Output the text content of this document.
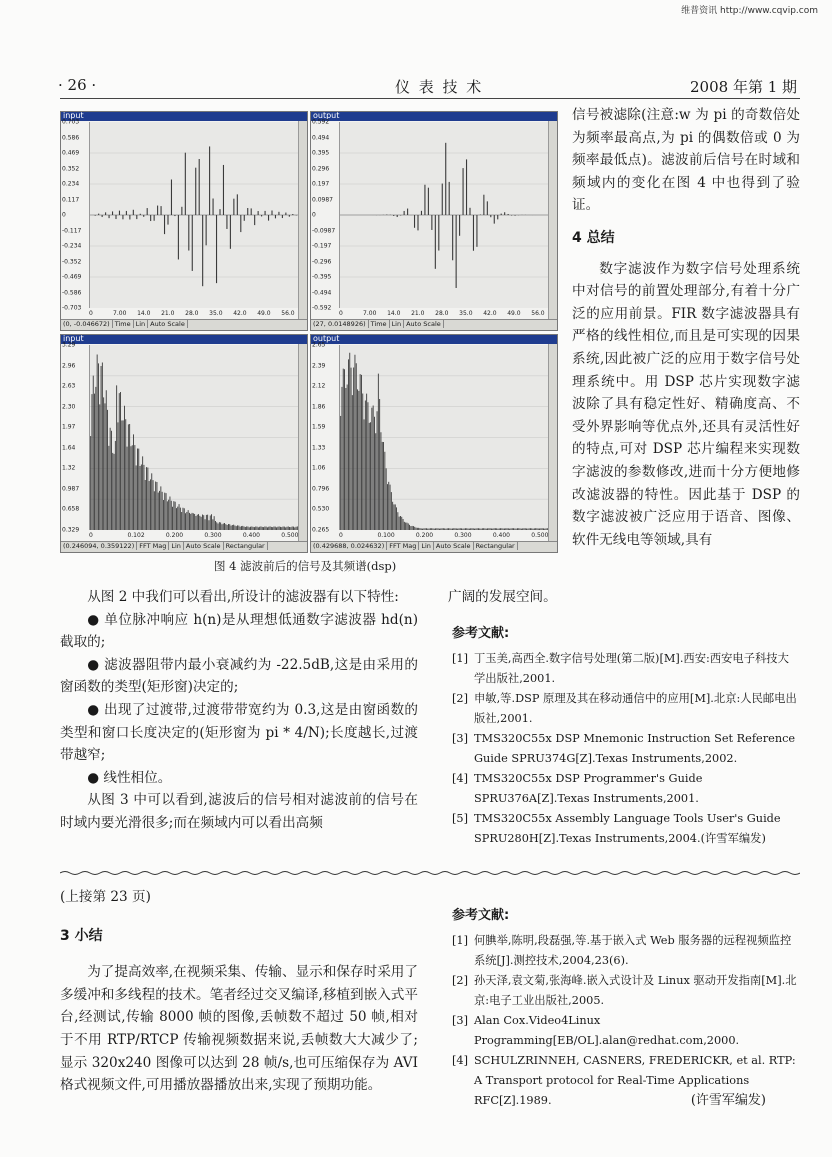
维普资讯 http://www.cqvip.com
· 26 ·	仪 表 技 术	2008 年第 1 期
input
0.703
0.586
0.469
0.352
0.234
0.117
0
-0.117
-0.234
-0.352
-0.469
-0.586
-0.703
0	7.00 14.0 21.0 28.0 35.0 42.0 49.0 56.0
(0, -0.046672) Time Lin Auto Scale
output
0.592
0.494
0.395
0.296
0.197
0.0987
0
-0.0987
-0.197
-0.296
-0.395
-0.494
-0.592
0	7.00 14.0 21.0 28.0 35.0 42.0 49.0 56.0
(27, 0.0148926) Time Lin Auto Scale
input
3.29
2.96
2.63
2.30
1.97
1.64
1.32
0.987
0.658
0.329
0	0.102	0.200	0.300	0.400	0.500
(0.246094, 0.359122) FFT Mag Lin Auto Scale Rectangular
output
2.65
2.39
2.12
1.86
1.59
1.33
1.06
0.796
0.530
0.265
0	0.100	0.200	0.300	0.400	0.500
(0.429688, 0.024632) FFT Mag Lin Auto Scale Rectangular
图 4 滤波前后的信号及其频谱(dsp)

信号被滤除(注意:w 为 pi 的奇数倍处为频率最高点,为 pi 的偶数倍或 0 为频率最低点)。滤波前后信号在时域和频域内的变化在图 4 中也得到了验证。

4 总结

数字滤波作为数字信号处理系统中对信号的前置处理部分,有着十分广泛的应用前景。FIR 数字滤波器具有严格的线性相位,而且是可实现的因果系统,因此被广泛的应用于数字信号处理系统中。用 DSP 芯片实现数字滤波除了具有稳定性好、精确度高、不受外界影响等优点外,还具有灵活性好的特点,可对 DSP 芯片编程来实现数字滤波的参数修改,进而十分方便地修改滤波器的特性。因此基于 DSP 的数字滤波被广泛应用于语音、图像、软件无线电等领域,具有

广阔的发展空间。

从图 2 中我们可以看出,所设计的滤波器有以下特性:

● 单位脉冲响应 h(n)是从理想低通数字滤波器 hd(n)截取的;

● 滤波器阻带内最小衰减约为 -22.5dB,这是由采用的窗函数的类型(矩形窗)决定的;

● 出现了过渡带,过渡带带宽约为 0.3,这是由窗函数的类型和窗口长度决定的(矩形窗为 pi * 4/N);长度越长,过渡带越窄;

● 线性相位。

从图 3 中可以看到,滤波后的信号相对滤波前的信号在时域内要光滑很多;而在频域内可以看出高频

参考文献:
[1] 丁玉美,高西全.数字信号处理(第二版)[M].西安:西安电子科技大学出版社,2001.
[2] 申敏,等.DSP 原理及其在移动通信中的应用[M].北京:人民邮电出版社,2001.
[3] TMS320C55x DSP Mnemonic Instruction Set Reference Guide SPRU374G[Z].Texas Instruments,2002.
[4] TMS320C55x DSP Programmer's Guide SPRU376A[Z].Texas Instruments,2001.
[5] TMS320C55x Assembly Language Tools User's Guide SPRU280H[Z].Texas Instruments,2004.(许雪军编发)

(上接第 23 页)

3 小结

为了提高效率,在视频采集、传输、显示和保存时采用了多缓冲和多线程的技术。笔者经过交叉编译,移植到嵌入式平台,经测试,传输 8000 帧的图像,丢帧数不超过 50 帧,相对于不用 RTP/RTCP 传输视频数据来说,丢帧数大大减少了;显示 320x240 图像可以达到 28 帧/s,也可压缩保存为 AVI 格式视频文件,可用播放器播放出来,实现了预期功能。

参考文献:
[1] 何腆举,陈明,段磊强,等.基于嵌入式 Web 服务器的远程视频监控系统[J].测控技术,2004,23(6).
[2] 孙天泽,袁文菊,张海峰.嵌入式设计及 Linux 驱动开发指南[M].北京:电子工业出版社,2005.
[3] Alan Cox.Video4Linux Programming[EB/OL].alan@redhat.com,2000.
[4] SCHULZRINNEH, CASNERS, FREDERICKR, et al. RTP: A Transport protocol for Real-Time Applications RFC[Z].1989.	(许雪军编发)
